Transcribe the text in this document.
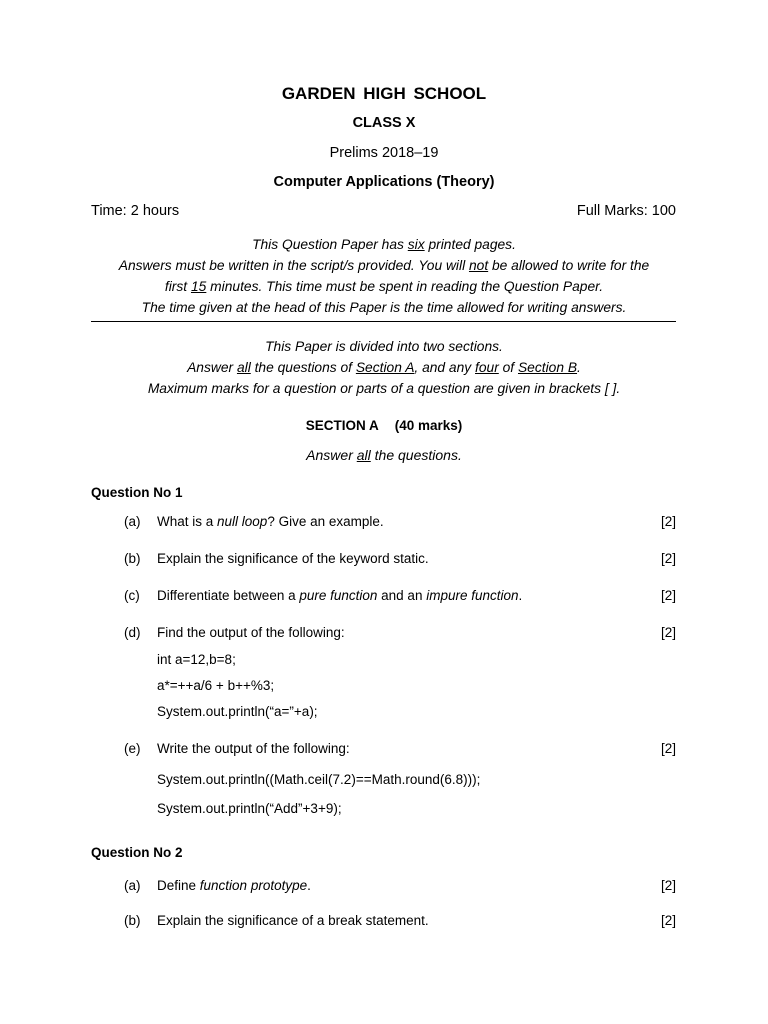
GARDEN HIGH SCHOOL
CLASS X
Prelims 2018–19
Computer Applications (Theory)
Time: 2 hours	Full Marks: 100
This Question Paper has six printed pages.
Answers must be written in the script/s provided. You will not be allowed to write for the
first 15 minutes. This time must be spent in reading the Question Paper.
The time given at the head of this Paper is the time allowed for writing answers.
This Paper is divided into two sections.
Answer all the questions of Section A, and any four of Section B.
Maximum marks for a question or parts of a question are given in brackets [ ].
SECTION A (40 marks)
Answer all the questions.
Question No 1
(a) What is a null loop? Give an example.	[2]
(b) Explain the significance of the keyword static.	[2]
(c) Differentiate between a pure function and an impure function.	[2]
(d) Find the output of the following:	[2]
int a=12,b=8;
a*=++a/6 + b++%3;
System.out.println(“a=”+a);
(e) Write the output of the following:	[2]
System.out.println((Math.ceil(7.2)==Math.round(6.8)));
System.out.println(“Add”+3+9);
Question No 2
(a) Define function prototype.	[2]
(b) Explain the significance of a break statement.	[2]
